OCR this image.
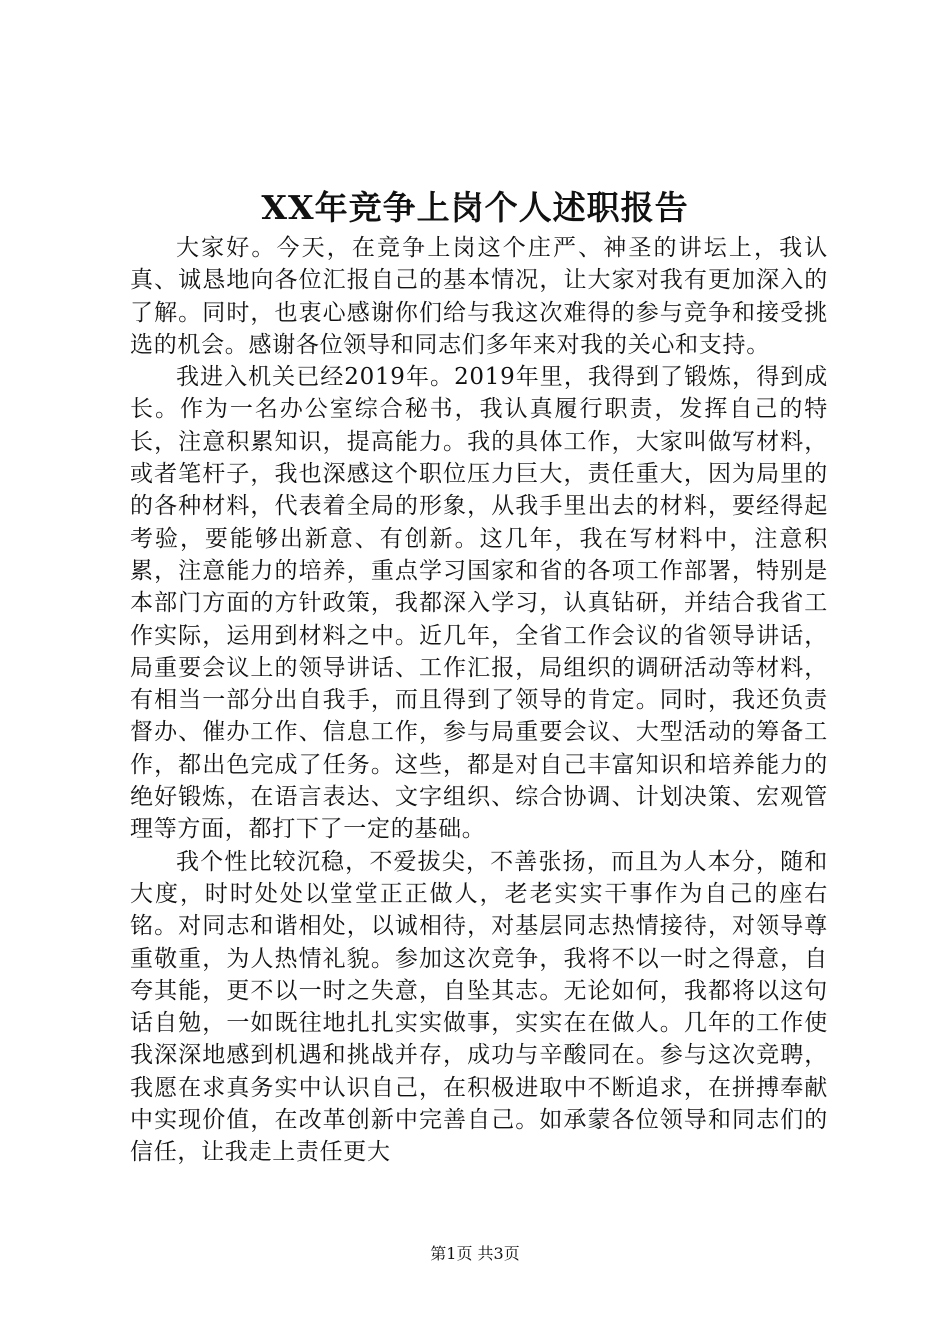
XX年竞争上岗个人述职报告

大家好。今天，在竞争上岗这个庄严、神圣的讲坛上，我认真、诚恳地向各位汇报自己的基本情况，让大家对我有更加深入的了解。同时，也衷心感谢你们给与我这次难得的参与竞争和接受挑选的机会。感谢各位领导和同志们多年来对我的关心和支持。

我进入机关已经2019年。2019年里，我得到了锻炼，得到成长。作为一名办公室综合秘书，我认真履行职责，发挥自己的特长，注意积累知识，提高能力。我的具体工作，大家叫做写材料，或者笔杆子，我也深感这个职位压力巨大，责任重大，因为局里的的各种材料，代表着全局的形象，从我手里出去的材料，要经得起考验，要能够出新意、有创新。这几年，我在写材料中，注意积累，注意能力的培养，重点学习国家和省的各项工作部署，特别是本部门方面的方针政策，我都深入学习，认真钻研，并结合我省工作实际，运用到材料之中。近几年，全省工作会议的省领导讲话，局重要会议上的领导讲话、工作汇报，局组织的调研活动等材料，有相当一部分出自我手，而且得到了领导的肯定。同时，我还负责督办、催办工作、信息工作，参与局重要会议、大型活动的筹备工作，都出色完成了任务。这些，都是对自己丰富知识和培养能力的绝好锻炼，在语言表达、文字组织、综合协调、计划决策、宏观管理等方面，都打下了一定的基础。

我个性比较沉稳，不爱拔尖，不善张扬，而且为人本分，随和大度，时时处处以堂堂正正做人，老老实实干事作为自己的座右铭。对同志和谐相处，以诚相待，对基层同志热情接待，对领导尊重敬重，为人热情礼貌。参加这次竞争，我将不以一时之得意，自夸其能，更不以一时之失意，自坠其志。无论如何，我都将以这句话自勉，一如既往地扎扎实实做事，实实在在做人。几年的工作使我深深地感到机遇和挑战并存，成功与辛酸同在。参与这次竞聘，我愿在求真务实中认识自己，在积极进取中不断追求，在拼搏奉献中实现价值，在改革创新中完善自己。如承蒙各位领导和同志们的信任，让我走上责任更大

第1页 共3页
